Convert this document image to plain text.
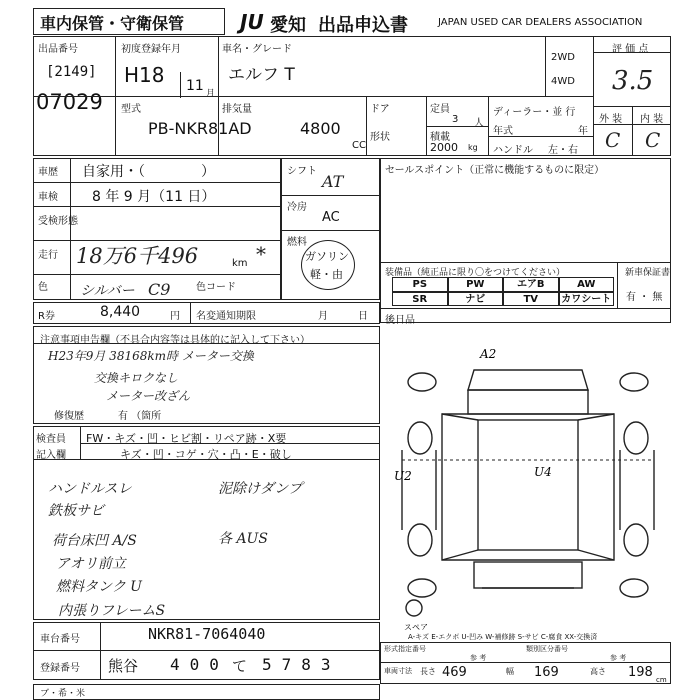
車内保管・守衛保管	JU 愛知 出品申込書	JAPAN USED CAR DEALERS ASSOCIATION
出品番号
[2149]
07029
初度登録年月
H18 11 月
車名・グレード
エルフ T
2WD
4WD
評 価 点
3.5
外 装 内 装
C C
型式
PB-NKR81AD
排気量
4800
CC
ドア
形状
定員
3 人
積載
2000 kg
ディーラー・並 行
年式	年
ハンドル 左・右
車歴 自家用・（　　　　）
車検 8 年 9 月（11 日）
受検形態
走行 18万6千496	km *
色 シルバー	色コード
C9
R券	8,440	円 名変通知期限	月	日
シフト
AT
冷房
AC
燃料
ガソリン
軽・由
セールスポイント（正常に機能するものに限定）
装備品（純正品に限り〇をつけてください）	新車保証書
有 ・ 無
PS	PW	エアB	AW
SR	ナビ	TV	カワシート
後日品
注意事項申告欄（不具合内容等は具体的に記入して下さい）
H23年9月 38168km時 メーター交換
交換キロクなし
メーター改ざん
修復歴	有 （箇所
検査員
記入欄
FW・キズ・凹・ヒビ割・リペア跡・X要
キズ・凹・コゲ・穴・凸・E・破し
ハンドルスレ
鉄板サビ
荷台床凹 A/S
アオリ前立
燃料タンク U
内張りフレームS
泥除けダンプ
各 AUS
A2
U2	U4
スペア
A-キズ E-エクボ U-凹み W-補修跡 S-サビ C-腐食 XX-交換済
形式指定番号	類別区分番号
参 考	参 考
車両寸法 長さ 469	幅 169	高さ 198 cm
車台番号	NKR81-7064040
登録番号 熊谷 400 て 5783
ブ・希・米
